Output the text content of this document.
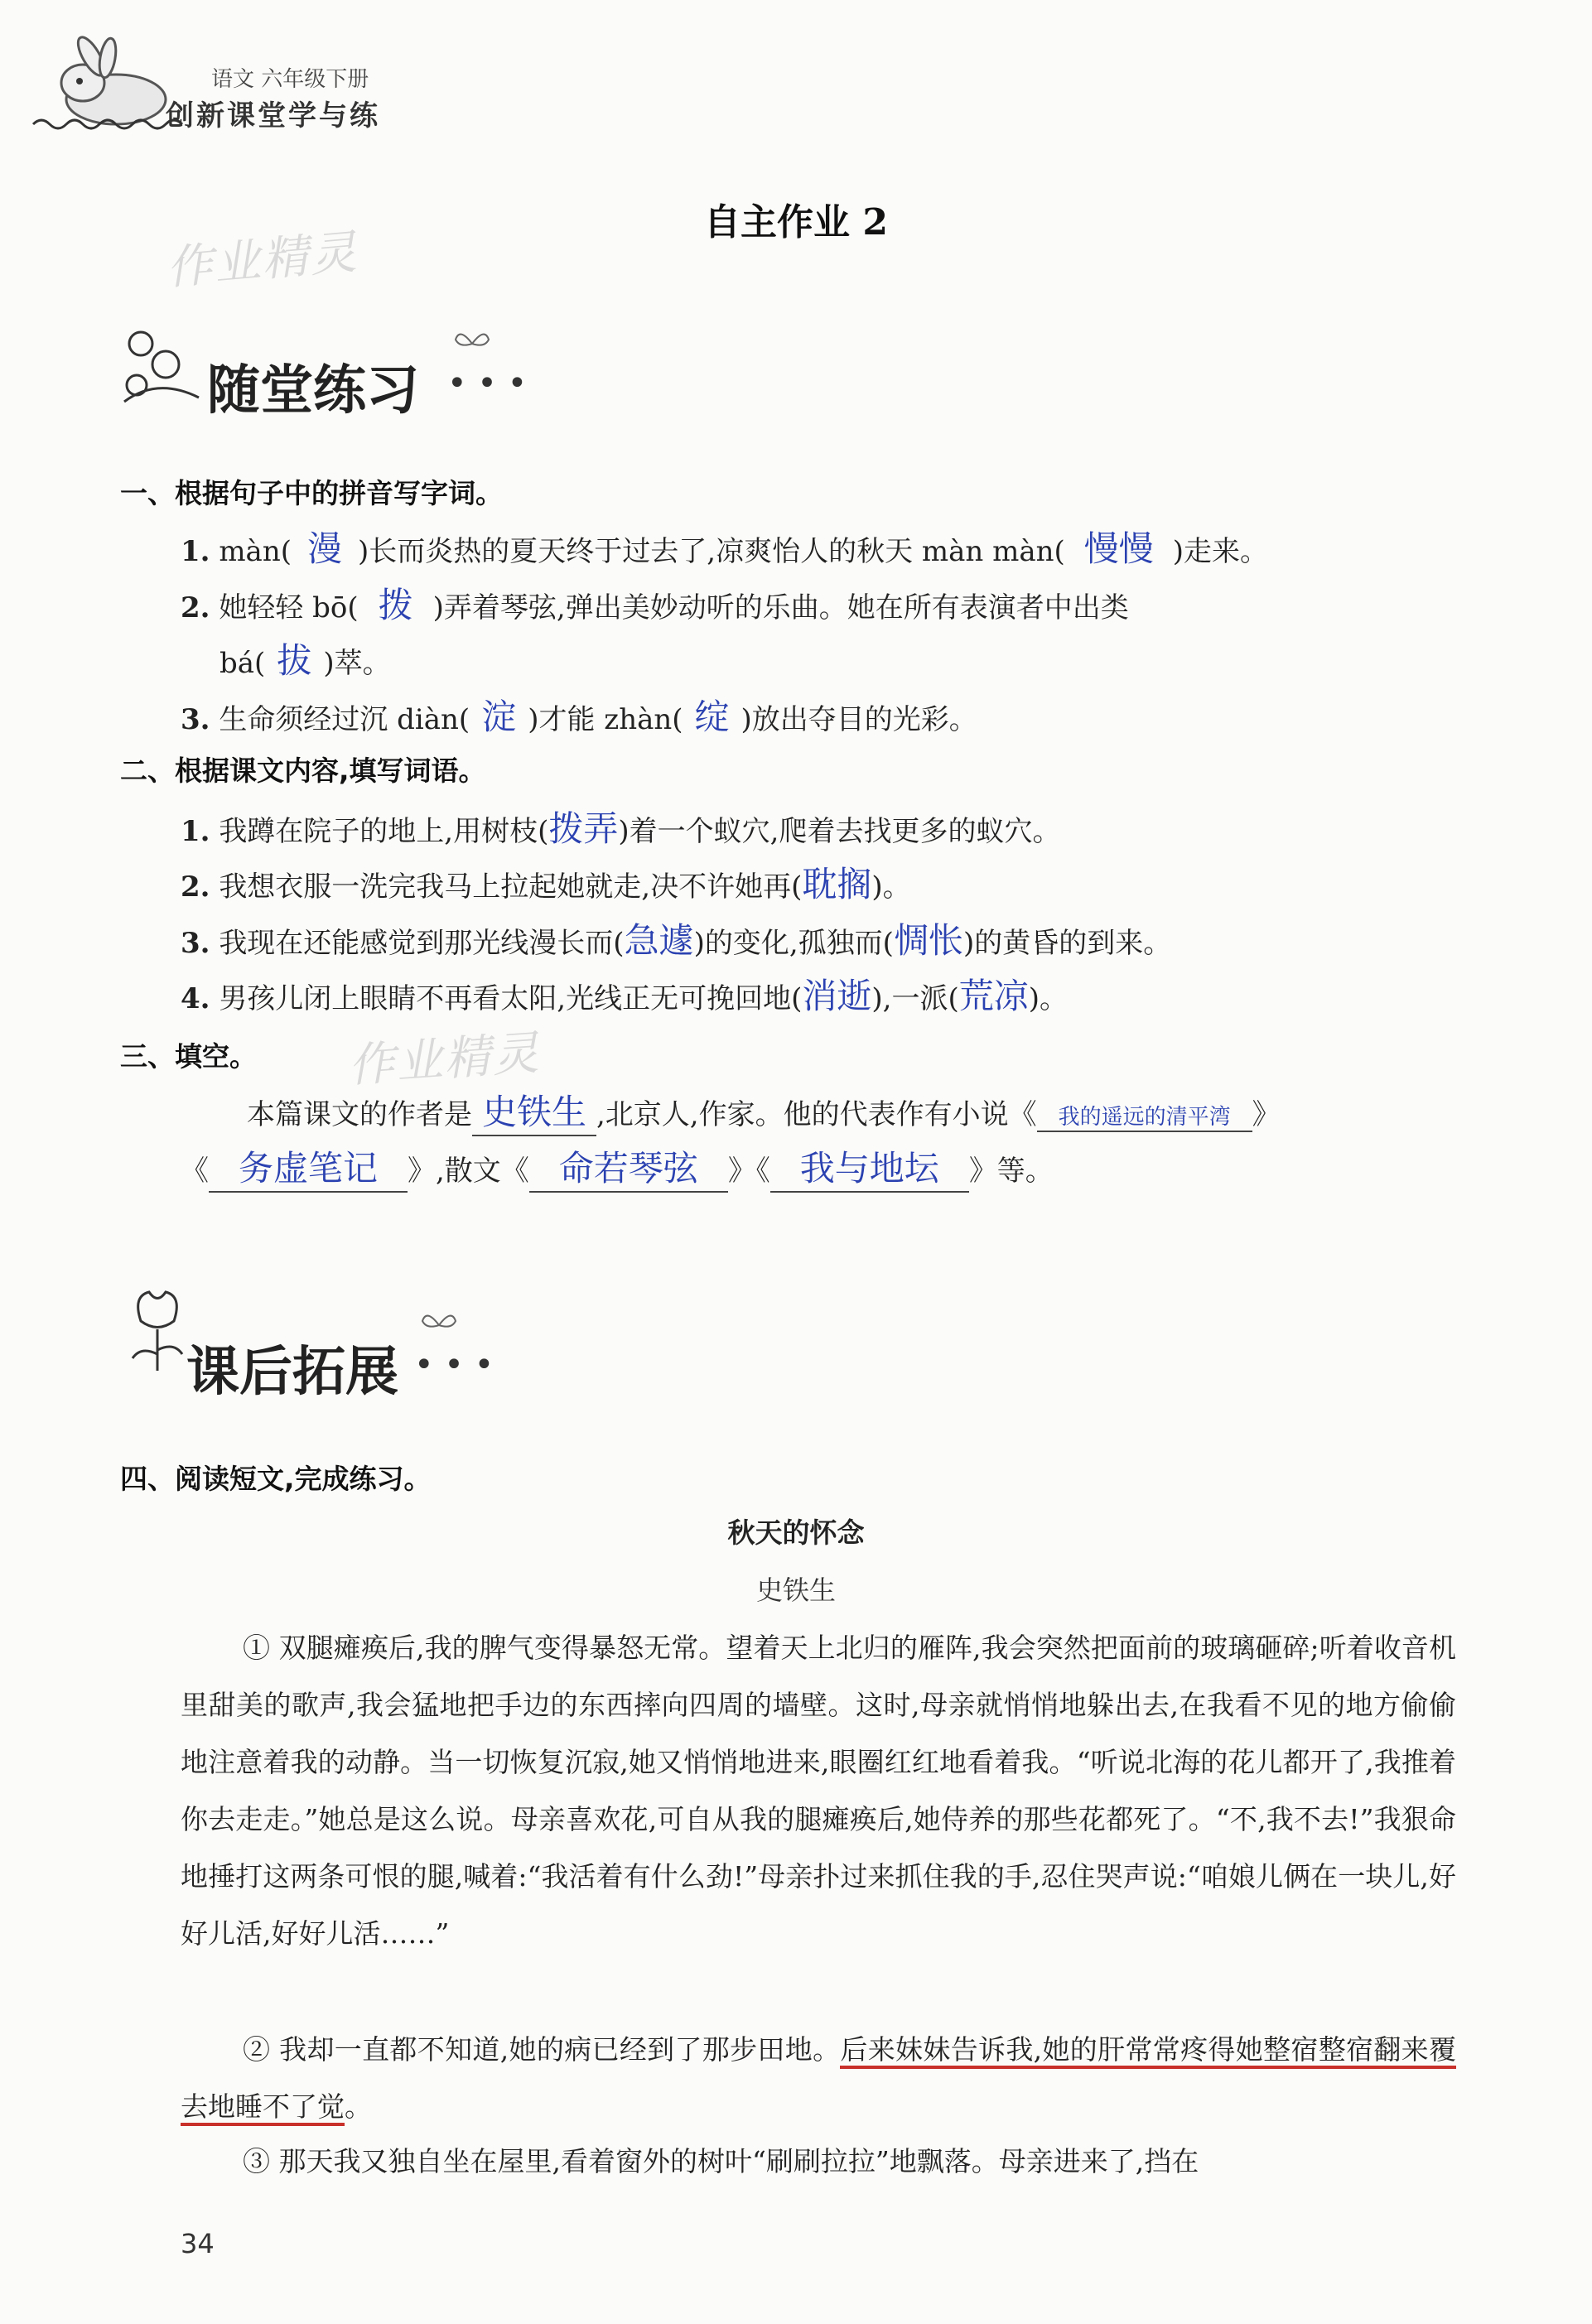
语文 六年级下册
创新课堂学与练
自主作业 2
作业精灵
随堂练习 • • •
一、根据句子中的拼音写字词。
1. màn( 漫 )长而炎热的夏天终于过去了,凉爽怡人的秋天 màn màn( 慢慢 )走来。
2. 她轻轻 bō( 拨 )弄着琴弦,弹出美妙动听的乐曲。她在所有表演者中出类
bá( 拔 )萃。
3. 生命须经过沉 diàn( 淀 )才能 zhàn( 绽 )放出夺目的光彩。
二、根据课文内容,填写词语。
1. 我蹲在院子的地上,用树枝(拨弄)着一个蚁穴,爬着去找更多的蚁穴。
2. 我想衣服一洗完我马上拉起她就走,决不许她再(耽搁)。
3. 我现在还能感觉到那光线漫长而(急遽)的变化,孤独而(惆怅)的黄昏的到来。
4. 男孩儿闭上眼睛不再看太阳,光线正无可挽回地(消逝),一派(荒凉)。
三、填空。 作业精灵
本篇课文的作者是 史铁生 ,北京人,作家。他的代表作有小说《 我的遥远的清平湾 》
《 务虚笔记 》,散文《 命若琴弦 》《 我与地坛 》等。
课后拓展 • • •
四、阅读短文,完成练习。
秋天的怀念
史铁生
① 双腿瘫痪后,我的脾气变得暴怒无常。望着天上北归的雁阵,我会突然把面前的玻璃砸碎;听着收音机里甜美的歌声,我会猛地把手边的东西摔向四周的墙壁。这时,母亲就悄悄地躲出去,在我看不见的地方偷偷地注意着我的动静。当一切恢复沉寂,她又悄悄地进来,眼圈红红地看着我。“听说北海的花儿都开了,我推着你去走走。”她总是这么说。母亲喜欢花,可自从我的腿瘫痪后,她侍养的那些花都死了。“不,我不去!”我狠命地捶打这两条可恨的腿,喊着:“我活着有什么劲!”母亲扑过来抓住我的手,忍住哭声说:“咱娘儿俩在一块儿,好好儿活,好好儿活……”
② 我却一直都不知道,她的病已经到了那步田地。后来妹妹告诉我,她的肝常常疼得她整宿整宿翻来覆去地睡不了觉。
③ 那天我又独自坐在屋里,看着窗外的树叶“刷刷拉拉”地飘落。母亲进来了,挡在
34
